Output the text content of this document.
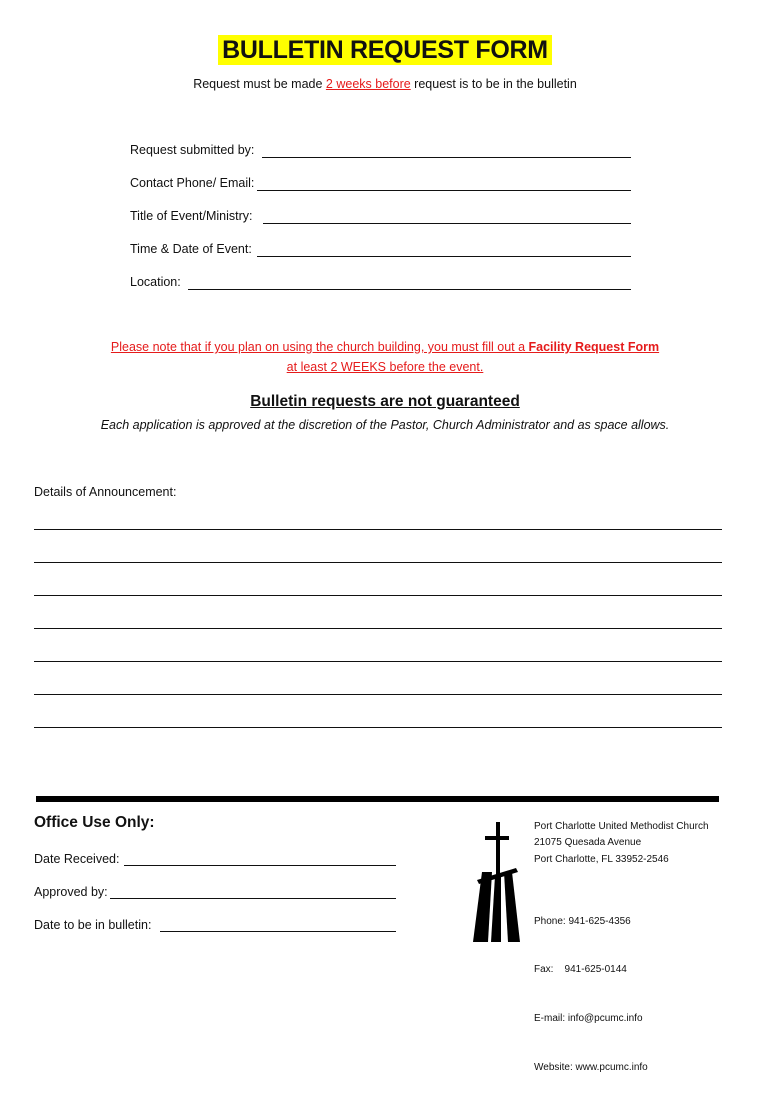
BULLETIN REQUEST FORM
Request must be made 2 weeks before request is to be in the bulletin
Request submitted by:
Contact Phone/ Email:
Title of Event/Ministry:
Time & Date of Event:
Location:
Please note that if you plan on using the church building, you must fill out a Facility Request Form
at least 2 WEEKS before the event.
Bulletin requests are not guaranteed
Each application is approved at the discretion of the Pastor, Church Administrator and as space allows.
Details of Announcement:
Office Use Only:
Date Received:
Approved by:
Date to be in bulletin:
Port Charlotte United Methodist Church
21075 Quesada Avenue
Port Charlotte, FL 33952-2546

Phone: 941-625-4356

Fax:    941-625-0144

E-mail: info@pcumc.info

Website: www.pcumc.info
